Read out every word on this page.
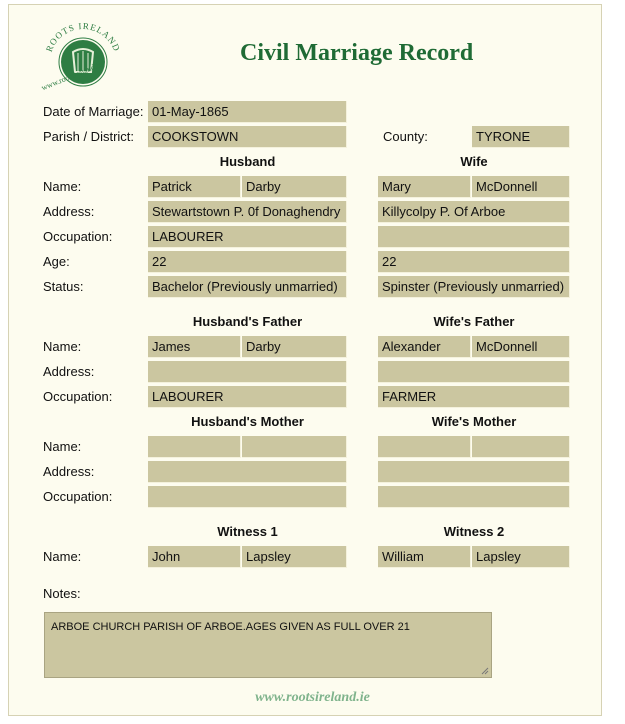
ROOTS IRELAND
www.rootsireland.ie
Civil Marriage Record
Date of Marriage: 01-May-1865
Parish / District:	COOKSTOWN	County:	TYRONE
Husband	Wife
Name:	Patrick	Darby	Mary	McDonnell
Address:	Stewartstown P. 0f Donaghendry	Killycolpy P. Of Arboe
Occupation:	LABOURER
Age:	22	22
Status:	Bachelor (Previously unmarried)	Spinster (Previously unmarried)
Husband's Father	Wife's Father
Name:	James	Darby	Alexander	McDonnell
Address:
Occupation:	LABOURER	FARMER
Husband's Mother	Wife's Mother
Name:
Address:
Occupation:
Witness 1	Witness 2
Name:	John	Lapsley	William	Lapsley
Notes:
ARBOE CHURCH PARISH OF ARBOE.AGES GIVEN AS FULL OVER 21
www.rootsireland.ie
